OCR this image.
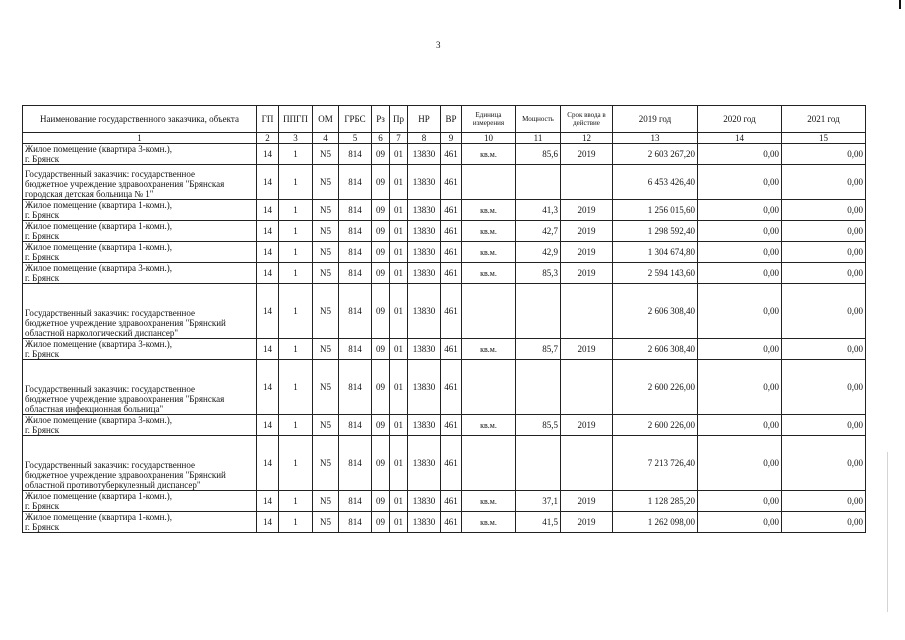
3
Наименование государственного заказчика, объекта	ГП	ППГП	ОМ	ГРБС	Рз	Пр	НР	ВР	Единица измерения	Мощность	Срок ввода в действие	2019 год	2020 год	2021 год
1	2	3	4	5	6	7	8	9	10	11	12	13	14	15

Жилое помещение (квартира 3-комн.),
г. Брянск	14	1	N5	814	09	01	13830	461	кв.м.	85,6	2019	2 603 267,20	0,00	0,00

Государственный заказчик: государственное
бюджетное учреждение здравоохранения "Брянская
городская детская больница № 1"	14	1	N5	814	09	01	13830	461				6 453 426,40	0,00	0,00

Жилое помещение (квартира 1-комн.),
г. Брянск	14	1	N5	814	09	01	13830	461	кв.м.	41,3	2019	1 256 015,60	0,00	0,00

Жилое помещение (квартира 1-комн.),
г. Брянск	14	1	N5	814	09	01	13830	461	кв.м.	42,7	2019	1 298 592,40	0,00	0,00

Жилое помещение (квартира 1-комн.),
г. Брянск	14	1	N5	814	09	01	13830	461	кв.м.	42,9	2019	1 304 674,80	0,00	0,00

Жилое помещение (квартира 3-комн.),
г. Брянск	14	1	N5	814	09	01	13830	461	кв.м.	85,3	2019	2 594 143,60	0,00	0,00

Государственный заказчик: государственное
бюджетное учреждение здравоохранения "Брянский
областной наркологический диспансер"	14	1	N5	814	09	01	13830	461				2 606 308,40	0,00	0,00

Жилое помещение (квартира 3-комн.),
г. Брянск	14	1	N5	814	09	01	13830	461	кв.м.	85,7	2019	2 606 308,40	0,00	0,00

Государственный заказчик: государственное
бюджетное учреждение здравоохранения "Брянская
областная инфекционная больница"	14	1	N5	814	09	01	13830	461				2 600 226,00	0,00	0,00

Жилое помещение (квартира 3-комн.),
г. Брянск	14	1	N5	814	09	01	13830	461	кв.м.	85,5	2019	2 600 226,00	0,00	0,00

Государственный заказчик: государственное
бюджетное учреждение здравоохранения "Брянский
областной противотуберкулезный диспансер"	14	1	N5	814	09	01	13830	461				7 213 726,40	0,00	0,00

Жилое помещение (квартира 1-комн.),
г. Брянск	14	1	N5	814	09	01	13830	461	кв.м.	37,1	2019	1 128 285,20	0,00	0,00

Жилое помещение (квартира 1-комн.),
г. Брянск	14	1	N5	814	09	01	13830	461	кв.м.	41,5	2019	1 262 098,00	0,00	0,00
